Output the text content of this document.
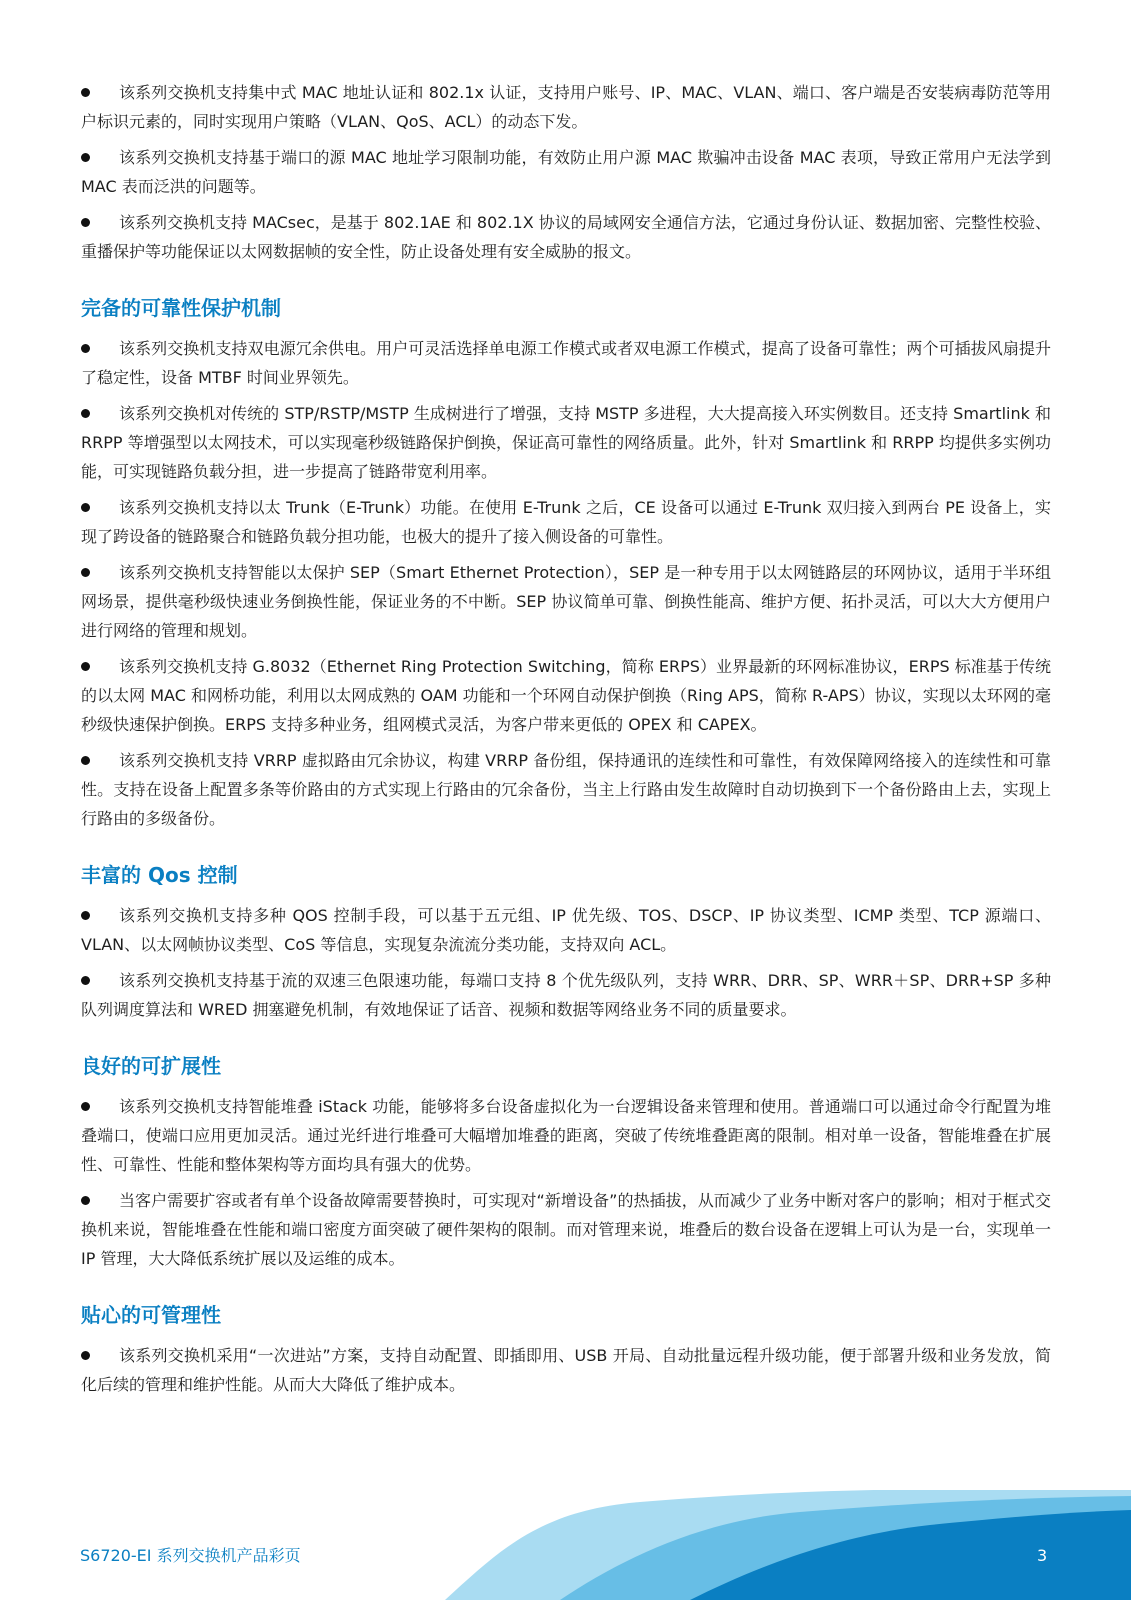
该系列交换机支持集中式 MAC 地址认证和 802.1x 认证，支持用户账号、IP、MAC、VLAN、端口、客户端是否安装病毒防范等用户标识元素的，同时实现用户策略（VLAN、QoS、ACL）的动态下发。
该系列交换机支持基于端口的源 MAC 地址学习限制功能，有效防止用户源 MAC 欺骗冲击设备 MAC 表项，导致正常用户无法学到 MAC 表而泛洪的问题等。
该系列交换机支持 MACsec，是基于 802.1AE 和 802.1X 协议的局域网安全通信方法，它通过身份认证、数据加密、完整性校验、重播保护等功能保证以太网数据帧的安全性，防止设备处理有安全威胁的报文。
完备的可靠性保护机制
该系列交换机支持双电源冗余供电。用户可灵活选择单电源工作模式或者双电源工作模式，提高了设备可靠性；两个可插拔风扇提升了稳定性，设备 MTBF 时间业界领先。
该系列交换机对传统的 STP/RSTP/MSTP 生成树进行了增强，支持 MSTP 多进程，大大提高接入环实例数目。还支持 Smartlink 和 RRPP 等增强型以太网技术，可以实现毫秒级链路保护倒换，保证高可靠性的网络质量。此外，针对 Smartlink 和 RRPP 均提供多实例功能，可实现链路负载分担，进一步提高了链路带宽利用率。
该系列交换机支持以太 Trunk（E-Trunk）功能。在使用 E-Trunk 之后，CE 设备可以通过 E-Trunk 双归接入到两台 PE 设备上，实现了跨设备的链路聚合和链路负载分担功能，也极大的提升了接入侧设备的可靠性。
该系列交换机支持智能以太保护 SEP（Smart Ethernet Protection），SEP 是一种专用于以太网链路层的环网协议，适用于半环组网场景，提供毫秒级快速业务倒换性能，保证业务的不中断。SEP 协议简单可靠、倒换性能高、维护方便、拓扑灵活，可以大大方便用户进行网络的管理和规划。
该系列交换机支持 G.8032（Ethernet Ring Protection Switching，简称 ERPS）业界最新的环网标准协议，ERPS 标准基于传统的以太网 MAC 和网桥功能，利用以太网成熟的 OAM 功能和一个环网自动保护倒换（Ring APS，简称 R-APS）协议，实现以太环网的毫秒级快速保护倒换。ERPS 支持多种业务，组网模式灵活，为客户带来更低的 OPEX 和 CAPEX。
该系列交换机支持 VRRP 虚拟路由冗余协议，构建 VRRP 备份组，保持通讯的连续性和可靠性，有效保障网络接入的连续性和可靠性。支持在设备上配置多条等价路由的方式实现上行路由的冗余备份，当主上行路由发生故障时自动切换到下一个备份路由上去，实现上行路由的多级备份。
丰富的 Qos 控制
该系列交换机支持多种 QOS 控制手段，可以基于五元组、IP 优先级、TOS、DSCP、IP 协议类型、ICMP 类型、TCP 源端口、VLAN、以太网帧协议类型、CoS 等信息，实现复杂流流分类功能，支持双向 ACL。
该系列交换机支持基于流的双速三色限速功能，每端口支持 8 个优先级队列，支持 WRR、DRR、SP、WRR＋SP、DRR+SP 多种队列调度算法和 WRED 拥塞避免机制，有效地保证了话音、视频和数据等网络业务不同的质量要求。
良好的可扩展性
该系列交换机支持智能堆叠 iStack 功能，能够将多台设备虚拟化为一台逻辑设备来管理和使用。普通端口可以通过命令行配置为堆叠端口，使端口应用更加灵活。通过光纤进行堆叠可大幅增加堆叠的距离，突破了传统堆叠距离的限制。相对单一设备，智能堆叠在扩展性、可靠性、性能和整体架构等方面均具有强大的优势。
当客户需要扩容或者有单个设备故障需要替换时，可实现对“新增设备”的热插拔，从而减少了业务中断对客户的影响；相对于框式交换机来说，智能堆叠在性能和端口密度方面突破了硬件架构的限制。而对管理来说，堆叠后的数台设备在逻辑上可认为是一台，实现单一 IP 管理，大大降低系统扩展以及运维的成本。
贴心的可管理性
该系列交换机采用“一次进站”方案，支持自动配置、即插即用、USB 开局、自动批量远程升级功能，便于部署升级和业务发放，简化后续的管理和维护性能。从而大大降低了维护成本。
S6720-EI 系列交换机产品彩页	3
